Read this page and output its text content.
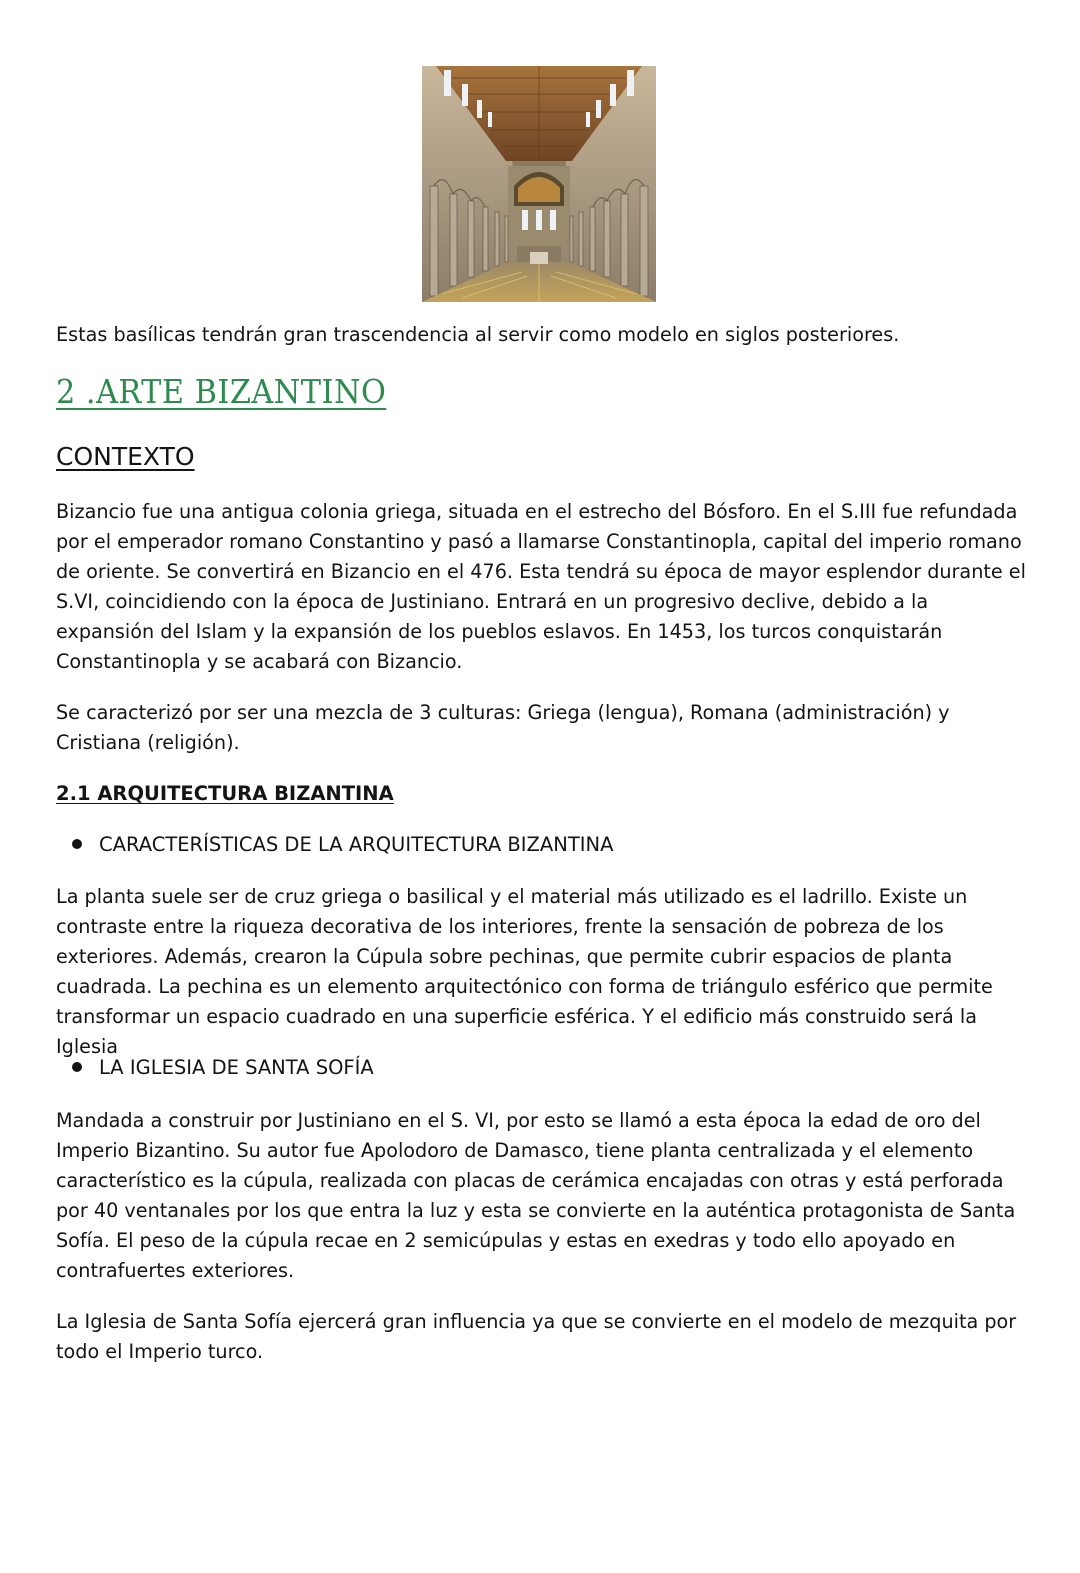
Estas basílicas tendrán gran trascendencia al servir como modelo en siglos posteriores.

2 .ARTE BIZANTINO
CONTEXTO

Bizancio fue una antigua colonia griega, situada en el estrecho del Bósforo. En el S.III fue refundada por el emperador romano Constantino y pasó a llamarse Constantinopla, capital del imperio romano de oriente. Se convertirá en Bizancio en el 476. Esta tendrá su época de mayor esplendor durante el S.VI, coincidiendo con la época de Justiniano. Entrará en un progresivo declive, debido a la expansión del Islam y la expansión de los pueblos eslavos. En 1453, los turcos conquistarán Constantinopla y se acabará con Bizancio.

Se caracterizó por ser una mezcla de 3 culturas: Griega (lengua), Romana (administración) y Cristiana (religión).

2.1 ARQUITECTURA BIZANTINA
CARACTERÍSTICAS DE LA ARQUITECTURA BIZANTINA

La planta suele ser de cruz griega o basilical y el material más utilizado es el ladrillo. Existe un contraste entre la riqueza decorativa de los interiores, frente la sensación de pobreza de los exteriores. Además, crearon la Cúpula sobre pechinas, que permite cubrir espacios de planta cuadrada. La pechina es un elemento arquitectónico con forma de triángulo esférico que permite transformar un espacio cuadrado en una superficie esférica. Y el edificio más construido será la Iglesia

LA IGLESIA DE SANTA SOFÍA

Mandada a construir por Justiniano en el S. VI, por esto se llamó a esta época la edad de oro del Imperio Bizantino. Su autor fue Apolodoro de Damasco, tiene planta centralizada y el elemento característico es la cúpula, realizada con placas de cerámica encajadas con otras y está perforada por 40 ventanales por los que entra la luz y esta se convierte en la auténtica protagonista de Santa Sofía. El peso de la cúpula recae en 2 semicúpulas y estas en exedras y todo ello apoyado en contrafuertes exteriores.

La Iglesia de Santa Sofía ejercerá gran influencia ya que se convierte en el modelo de mezquita por todo el Imperio turco.
